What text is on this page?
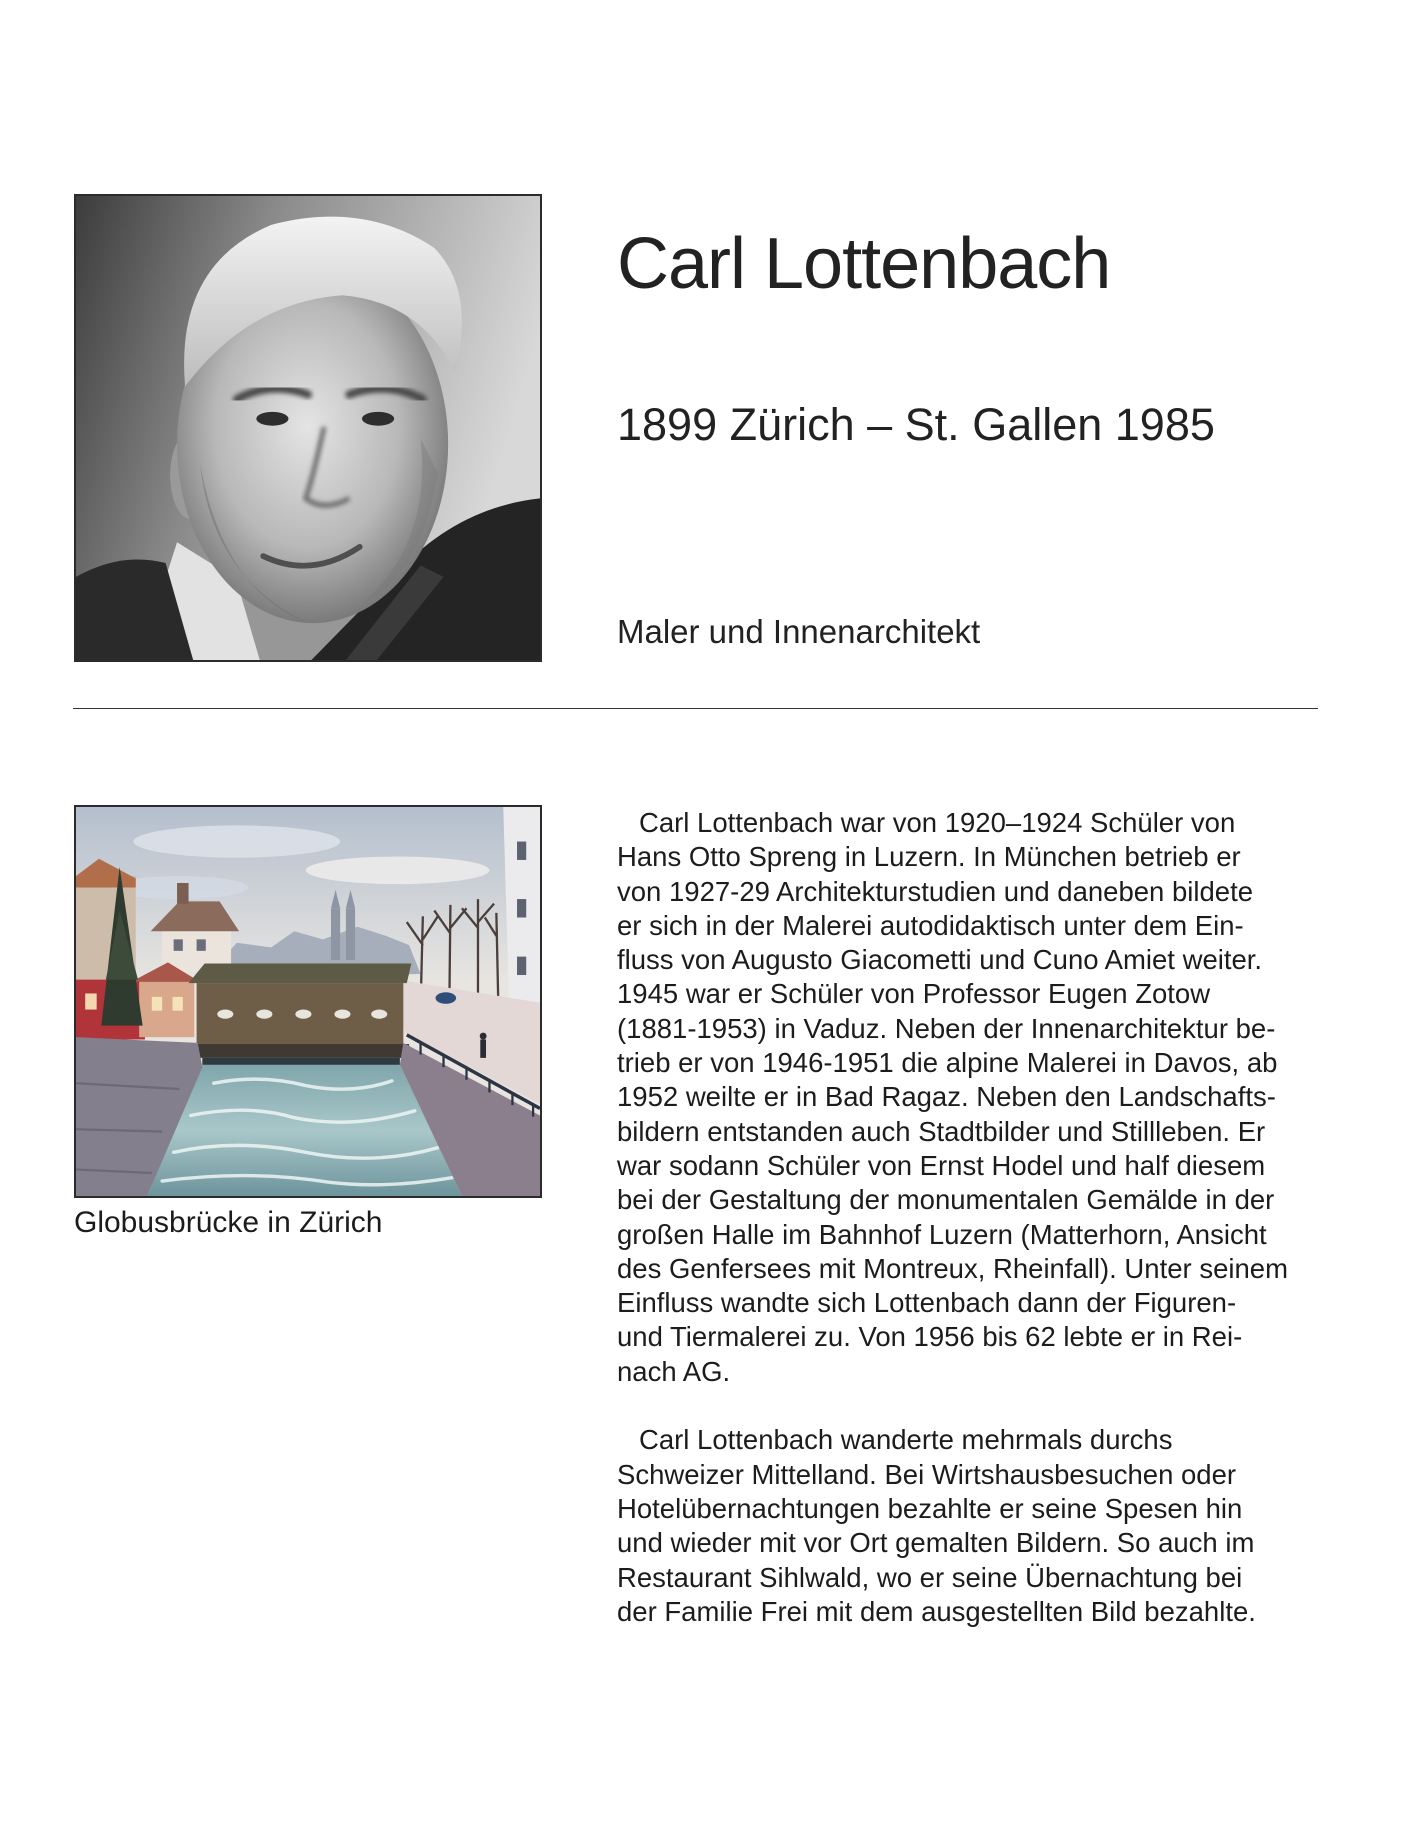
Carl Lottenbach
1899 Zürich – St. Gallen 1985
Maler und Innenarchitekt
Globusbrücke in Zürich
Carl Lottenbach war von 1920–1924 Schüler von
Hans Otto Spreng in Luzern. In München betrieb er
von 1927-29 Architekturstudien und daneben bildete
er sich in der Malerei autodidaktisch unter dem Ein-
fluss von Augusto Giacometti und Cuno Amiet weiter.
1945 war er Schüler von Professor Eugen Zotow
(1881-1953) in Vaduz. Neben der Innenarchitektur be-
trieb er von 1946-1951 die alpine Malerei in Davos, ab
1952 weilte er in Bad Ragaz. Neben den Landschafts-
bildern entstanden auch Stadtbilder und Stillleben. Er
war sodann Schüler von Ernst Hodel und half diesem
bei der Gestaltung der monumentalen Gemälde in der
großen Halle im Bahnhof Luzern (Matterhorn, Ansicht
des Genfersees mit Montreux, Rheinfall). Unter seinem
Einfluss wandte sich Lottenbach dann der Figuren-
und Tiermalerei zu. Von 1956 bis 62 lebte er in Rei-
nach AG.
Carl Lottenbach wanderte mehrmals durchs
Schweizer Mittelland. Bei Wirtshausbesuchen oder
Hotelübernachtungen bezahlte er seine Spesen hin
und wieder mit vor Ort gemalten Bildern. So auch im
Restaurant Sihlwald, wo er seine Übernachtung bei
der Familie Frei mit dem ausgestellten Bild bezahlte.
